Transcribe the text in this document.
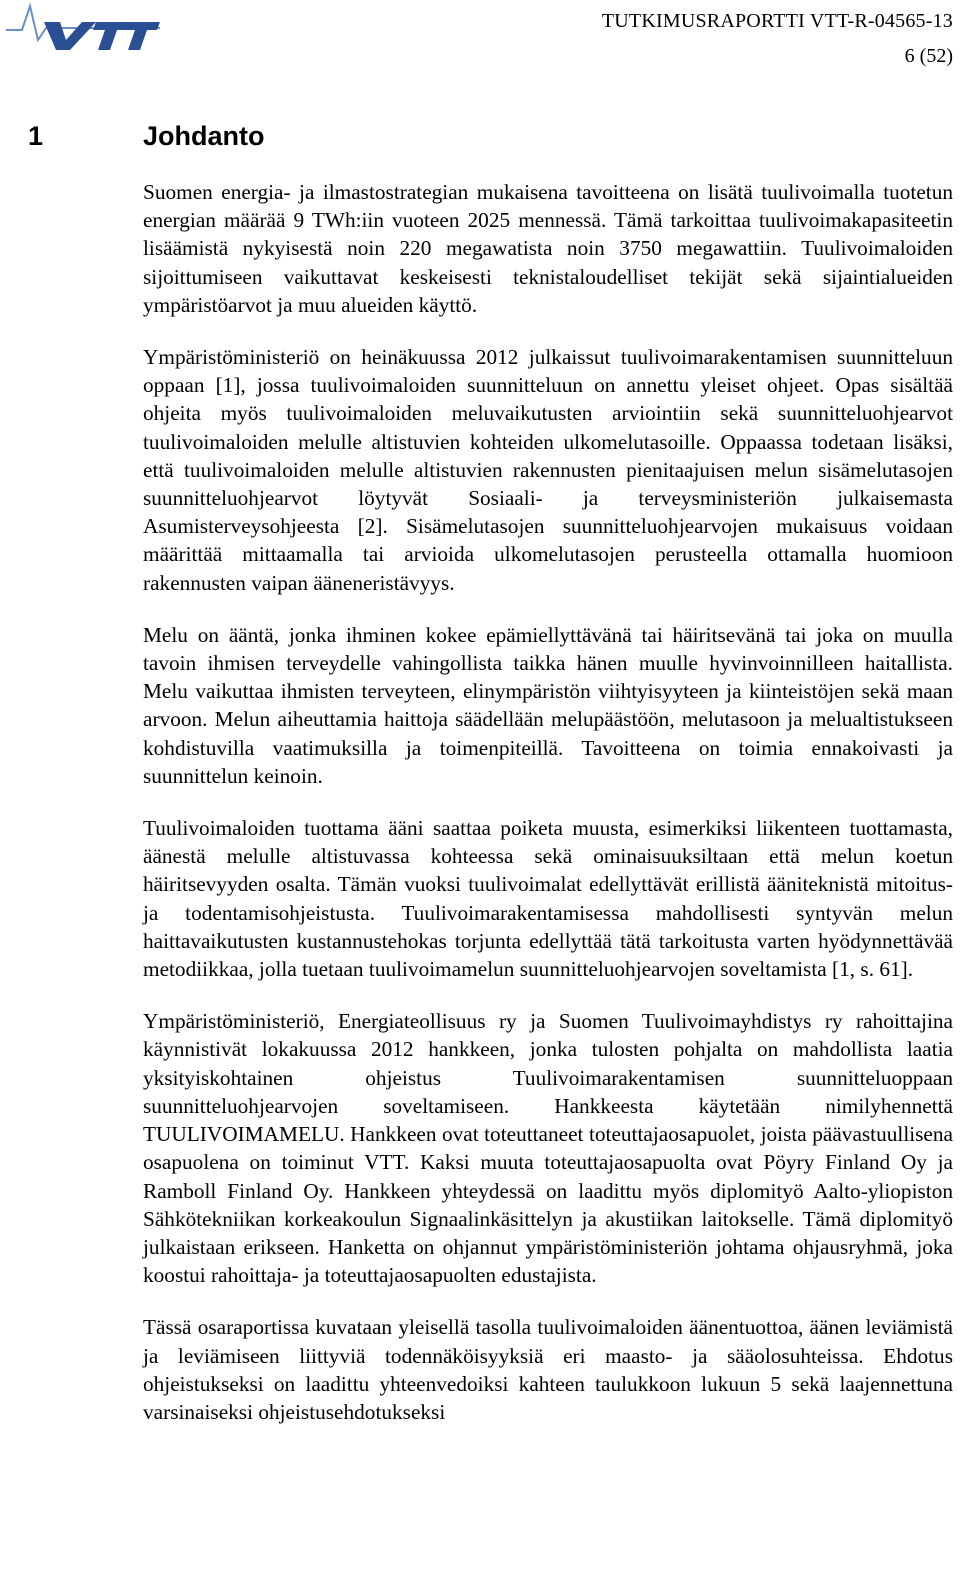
TUTKIMUSRAPORTTI VTT-R-04565-13
6 (52)
1	Johdanto

Suomen energia- ja ilmastostrategian mukaisena tavoitteena on lisätä tuulivoimalla tuotetun energian määrää 9 TWh:iin vuoteen 2025 mennessä. Tämä tarkoittaa tuulivoimakapasiteetin lisäämistä nykyisestä noin 220 megawatista noin 3750 megawattiin. Tuulivoimaloiden sijoittumiseen vaikuttavat keskeisesti teknistaloudelliset tekijät sekä sijaintialueiden ympäristöarvot ja muu alueiden käyttö.

Ympäristöministeriö on heinäkuussa 2012 julkaissut tuulivoimarakentamisen suunnitteluun oppaan [1], jossa tuulivoimaloiden suunnitteluun on annettu yleiset ohjeet. Opas sisältää ohjeita myös tuulivoimaloiden meluvaikutusten arviointiin sekä suunnitteluohjearvot tuulivoimaloiden melulle altistuvien kohteiden ulkomelutasoille. Oppaassa todetaan lisäksi, että tuulivoimaloiden melulle altistuvien rakennusten pienitaajuisen melun sisämelutasojen suunnitteluohjearvot löytyvät Sosiaali- ja terveysministeriön julkaisemasta Asumisterveysohjeesta [2]. Sisämelutasojen suunnitteluohjearvojen mukaisuus voidaan määrittää mittaamalla tai arvioida ulkomelutasojen perusteella ottamalla huomioon rakennusten vaipan ääneneristävyys.

Melu on ääntä, jonka ihminen kokee epämiellyttävänä tai häiritsevänä tai joka on muulla tavoin ihmisen terveydelle vahingollista taikka hänen muulle hyvinvoinnilleen haitallista. Melu vaikuttaa ihmisten terveyteen, elinympäristön viihtyisyyteen ja kiinteistöjen sekä maan arvoon. Melun aiheuttamia haittoja säädellään melupäästöön, melutasoon ja melualtistukseen kohdistuvilla vaatimuksilla ja toimenpiteillä. Tavoitteena on toimia ennakoivasti ja suunnittelun keinoin.

Tuulivoimaloiden tuottama ääni saattaa poiketa muusta, esimerkiksi liikenteen tuottamasta, äänestä melulle altistuvassa kohteessa sekä ominaisuuksiltaan että melun koetun häiritsevyyden osalta. Tämän vuoksi tuulivoimalat edellyttävät erillistä ääniteknistä mitoitus- ja todentamisohjeistusta. Tuulivoimarakentamisessa mahdollisesti syntyvän melun haittavaikutusten kustannustehokas torjunta edellyttää tätä tarkoitusta varten hyödynnettävää metodiikkaa, jolla tuetaan tuulivoimamelun suunnitteluohjearvojen soveltamista [1, s. 61].

Ympäristöministeriö, Energiateollisuus ry ja Suomen Tuulivoimayhdistys ry rahoittajina käynnistivät lokakuussa 2012 hankkeen, jonka tulosten pohjalta on mahdollista laatia yksityiskohtainen ohjeistus Tuulivoimarakentamisen suunnitteluoppaan suunnitteluohjearvojen soveltamiseen. Hankkeesta käytetään nimilyhennettä TUULIVOIMAMELU. Hankkeen ovat toteuttaneet toteuttajaosapuolet, joista päävastuullisena osapuolena on toiminut VTT. Kaksi muuta toteuttajaosapuolta ovat Pöyry Finland Oy ja Ramboll Finland Oy. Hankkeen yhteydessä on laadittu myös diplomityö Aalto-yliopiston Sähkötekniikan korkeakoulun Signaalinkäsittelyn ja akustiikan laitokselle. Tämä diplomityö julkaistaan erikseen. Hanketta on ohjannut ympäristöministeriön johtama ohjausryhmä, joka koostui rahoittaja- ja toteuttajaosapuolten edustajista.

Tässä osaraportissa kuvataan yleisellä tasolla tuulivoimaloiden äänentuottoa, äänen leviämistä ja leviämiseen liittyviä todennäköisyyksiä eri maasto- ja sääolosuhteissa. Ehdotus ohjeistukseksi on laadittu yhteenvedoiksi kahteen taulukkoon lukuun 5 sekä laajennettuna varsinaiseksi ohjeistusehdotukseksi
